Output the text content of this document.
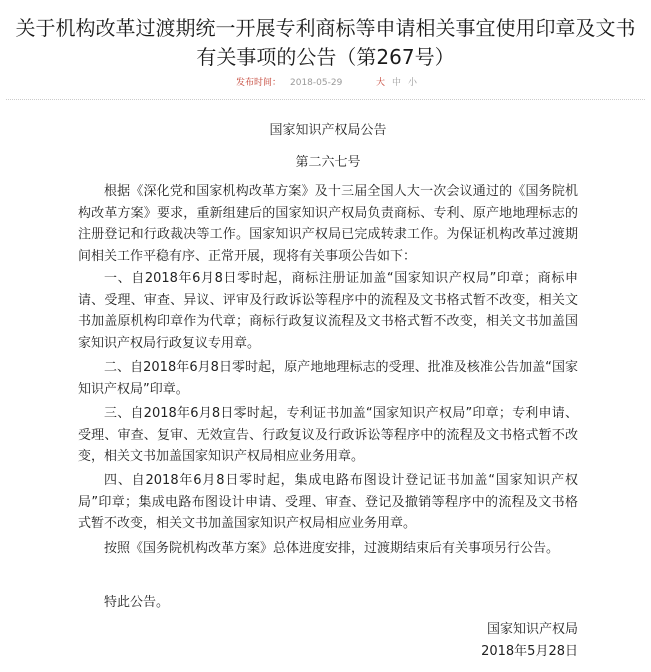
关于机构改革过渡期统一开展专利商标等申请相关事宜使用印章及文书有关事项的公告（第267号）
发布时间： 2018-05-29	大 中 小

国家知识产权局公告

第二六七号

根据《深化党和国家机构改革方案》及十三届全国人大一次会议通过的《国务院机构改革方案》要求，重新组建后的国家知识产权局负责商标、专利、原产地地理标志的注册登记和行政裁决等工作。国家知识产权局已完成转隶工作。为保证机构改革过渡期间相关工作平稳有序、正常开展，现将有关事项公告如下：

一、自2018年6月8日零时起，商标注册证加盖“国家知识产权局”印章；商标申请、受理、审查、异议、评审及行政诉讼等程序中的流程及文书格式暂不改变，相关文书加盖原机构印章作为代章；商标行政复议流程及文书格式暂不改变，相关文书加盖国家知识产权局行政复议专用章。

二、自2018年6月8日零时起，原产地地理标志的受理、批准及核准公告加盖“国家知识产权局”印章。

三、自2018年6月8日零时起，专利证书加盖“国家知识产权局”印章；专利申请、受理、审查、复审、无效宣告、行政复议及行政诉讼等程序中的流程及文书格式暂不改变，相关文书加盖国家知识产权局相应业务用章。

四、自2018年6月8日零时起，集成电路布图设计登记证书加盖“国家知识产权局”印章；集成电路布图设计申请、受理、审查、登记及撤销等程序中的流程及文书格式暂不改变，相关文书加盖国家知识产权局相应业务用章。

按照《国务院机构改革方案》总体进度安排，过渡期结束后有关事项另行公告。

特此公告。

国家知识产权局

2018年5月28日
